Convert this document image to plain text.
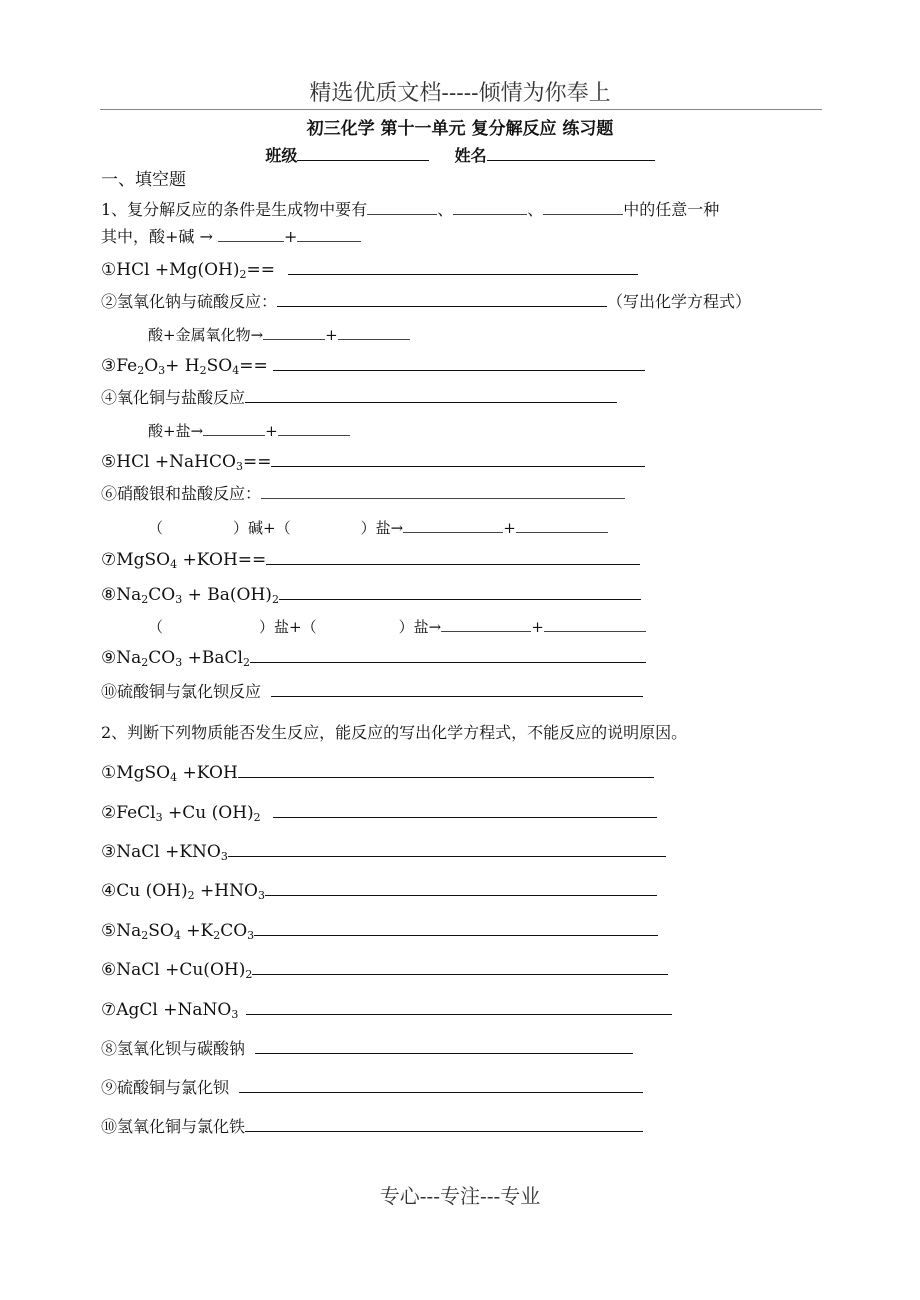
精选优质文档-----倾情为你奉上
初三化学 第十一单元 复分解反应 练习题
班级	姓名
一、填空题
1、复分解反应的条件是生成物中要有	、	、	中的任意一种
其中，酸+碱 →	+
①HCl $+Mg(OH)_2==$
②氢氧化钠与硫酸反应：	（写出化学方程式）
酸+金属氧化物→	+
$③Fe_2O_3+ H_2SO_4==$
④氧化铜与盐酸反应
酸+盐→	+
⑤HCl +NaHCO$_3$==
⑥硝酸银和盐酸反应：
（	）碱+（	）盐→	+
⑦MgSO$_4$ +KOH==
$⑧Na_2CO_3 + Ba(OH)_2$
（	）盐+（	）盐→	+
$⑨Na_2CO_3$ +BaCl$_2$
⑩硫酸铜与氯化钡反应
2、判断下列物质能否发生反应，能反应的写出化学方程式，不能反应的说明原因。
①MgSO$_4$ +KOH
②FeCl$_3$ +Cu $(OH)_2$
③NaCl $+KNO_3$
④Cu $(OH)_2 +HNO_3$
$⑤Na_2SO_4 +K_2CO_3$
⑥NaCl $+Cu(OH)_2$
⑦AgCl +NaNO$_3$
⑧氢氧化钡与碳酸钠
⑨硫酸铜与氯化钡
⑩氢氧化铜与氯化铁
专心---专注---专业
